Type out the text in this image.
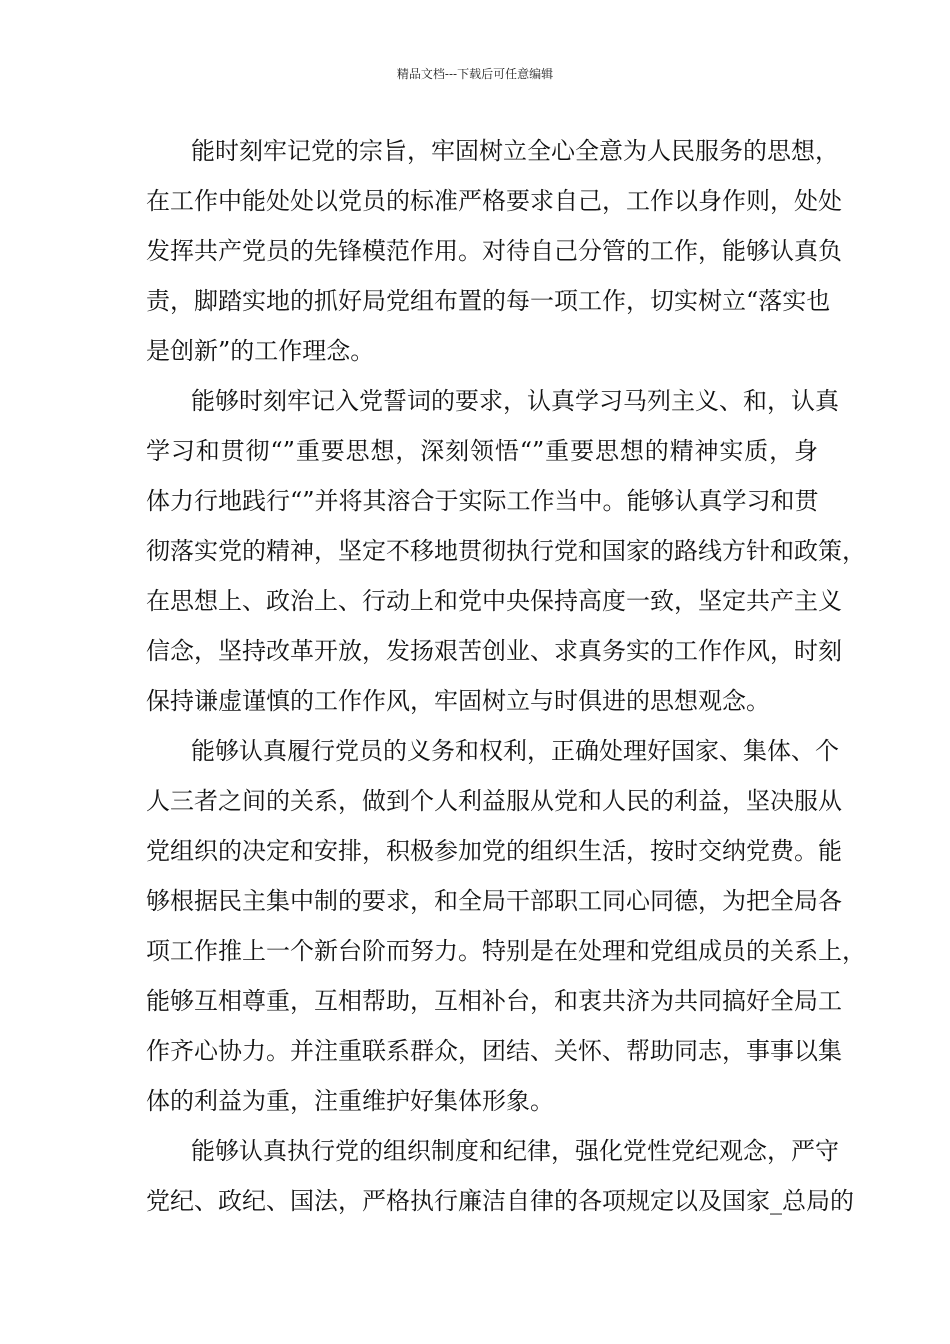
精品文档---下载后可任意编辑
能时刻牢记党的宗旨，牢固树立全心全意为人民服务的思想，
在工作中能处处以党员的标准严格要求自己，工作以身作则，处处
发挥共产党员的先锋模范作用。对待自己分管的工作，能够认真负
责，脚踏实地的抓好局党组布置的每一项工作，切实树立“落实也
是创新”的工作理念。
能够时刻牢记入党誓词的要求，认真学习马列主义、和，认真
学习和贯彻“”重要思想，深刻领悟“”重要思想的精神实质，身
体力行地践行“”并将其溶合于实际工作当中。能够认真学习和贯
彻落实党的精神，坚定不移地贯彻执行党和国家的路线方针和政策，
在思想上、政治上、行动上和党中央保持高度一致，坚定共产主义
信念，坚持改革开放，发扬艰苦创业、求真务实的工作作风，时刻
保持谦虚谨慎的工作作风，牢固树立与时俱进的思想观念。
能够认真履行党员的义务和权利，正确处理好国家、集体、个
人三者之间的关系，做到个人利益服从党和人民的利益，坚决服从
党组织的决定和安排，积极参加党的组织生活，按时交纳党费。能
够根据民主集中制的要求，和全局干部职工同心同德，为把全局各
项工作推上一个新台阶而努力。特别是在处理和党组成员的关系上，
能够互相尊重，互相帮助，互相补台，和衷共济为共同搞好全局工
作齐心协力。并注重联系群众，团结、关怀、帮助同志，事事以集
体的利益为重，注重维护好集体形象。
能够认真执行党的组织制度和纪律，强化党性党纪观念，严守
党纪、政纪、国法，严格执行廉洁自律的各项规定以及国家_总局的
